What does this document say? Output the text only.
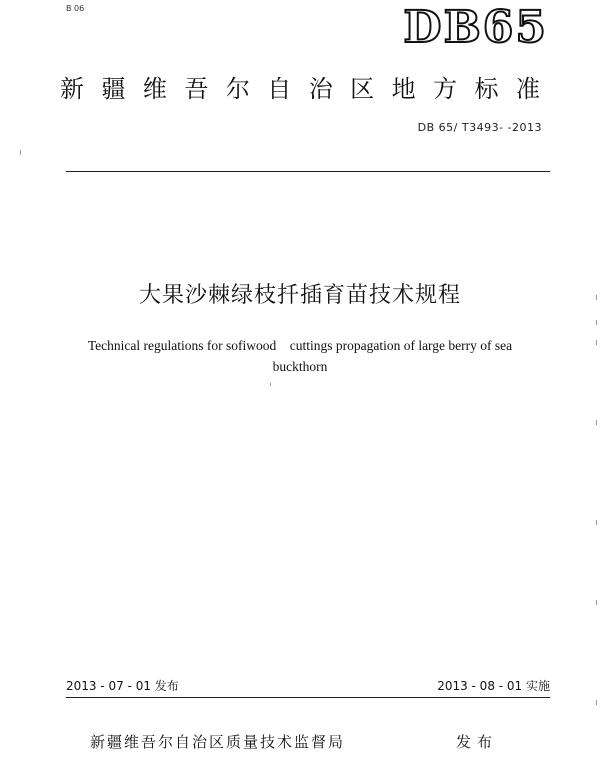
B 06	DB65
新疆维吾尔自治区地方标准
DB 65/ T3493- -2013
大果沙棘绿枝扦插育苗技术规程
Technical regulations for sofiwood    cuttings propagation of large berry of sea
buckthorn
2013 - 07 - 01 发布	2013 - 08 - 01 实施
新疆维吾尔自治区质量技术监督局	发布
